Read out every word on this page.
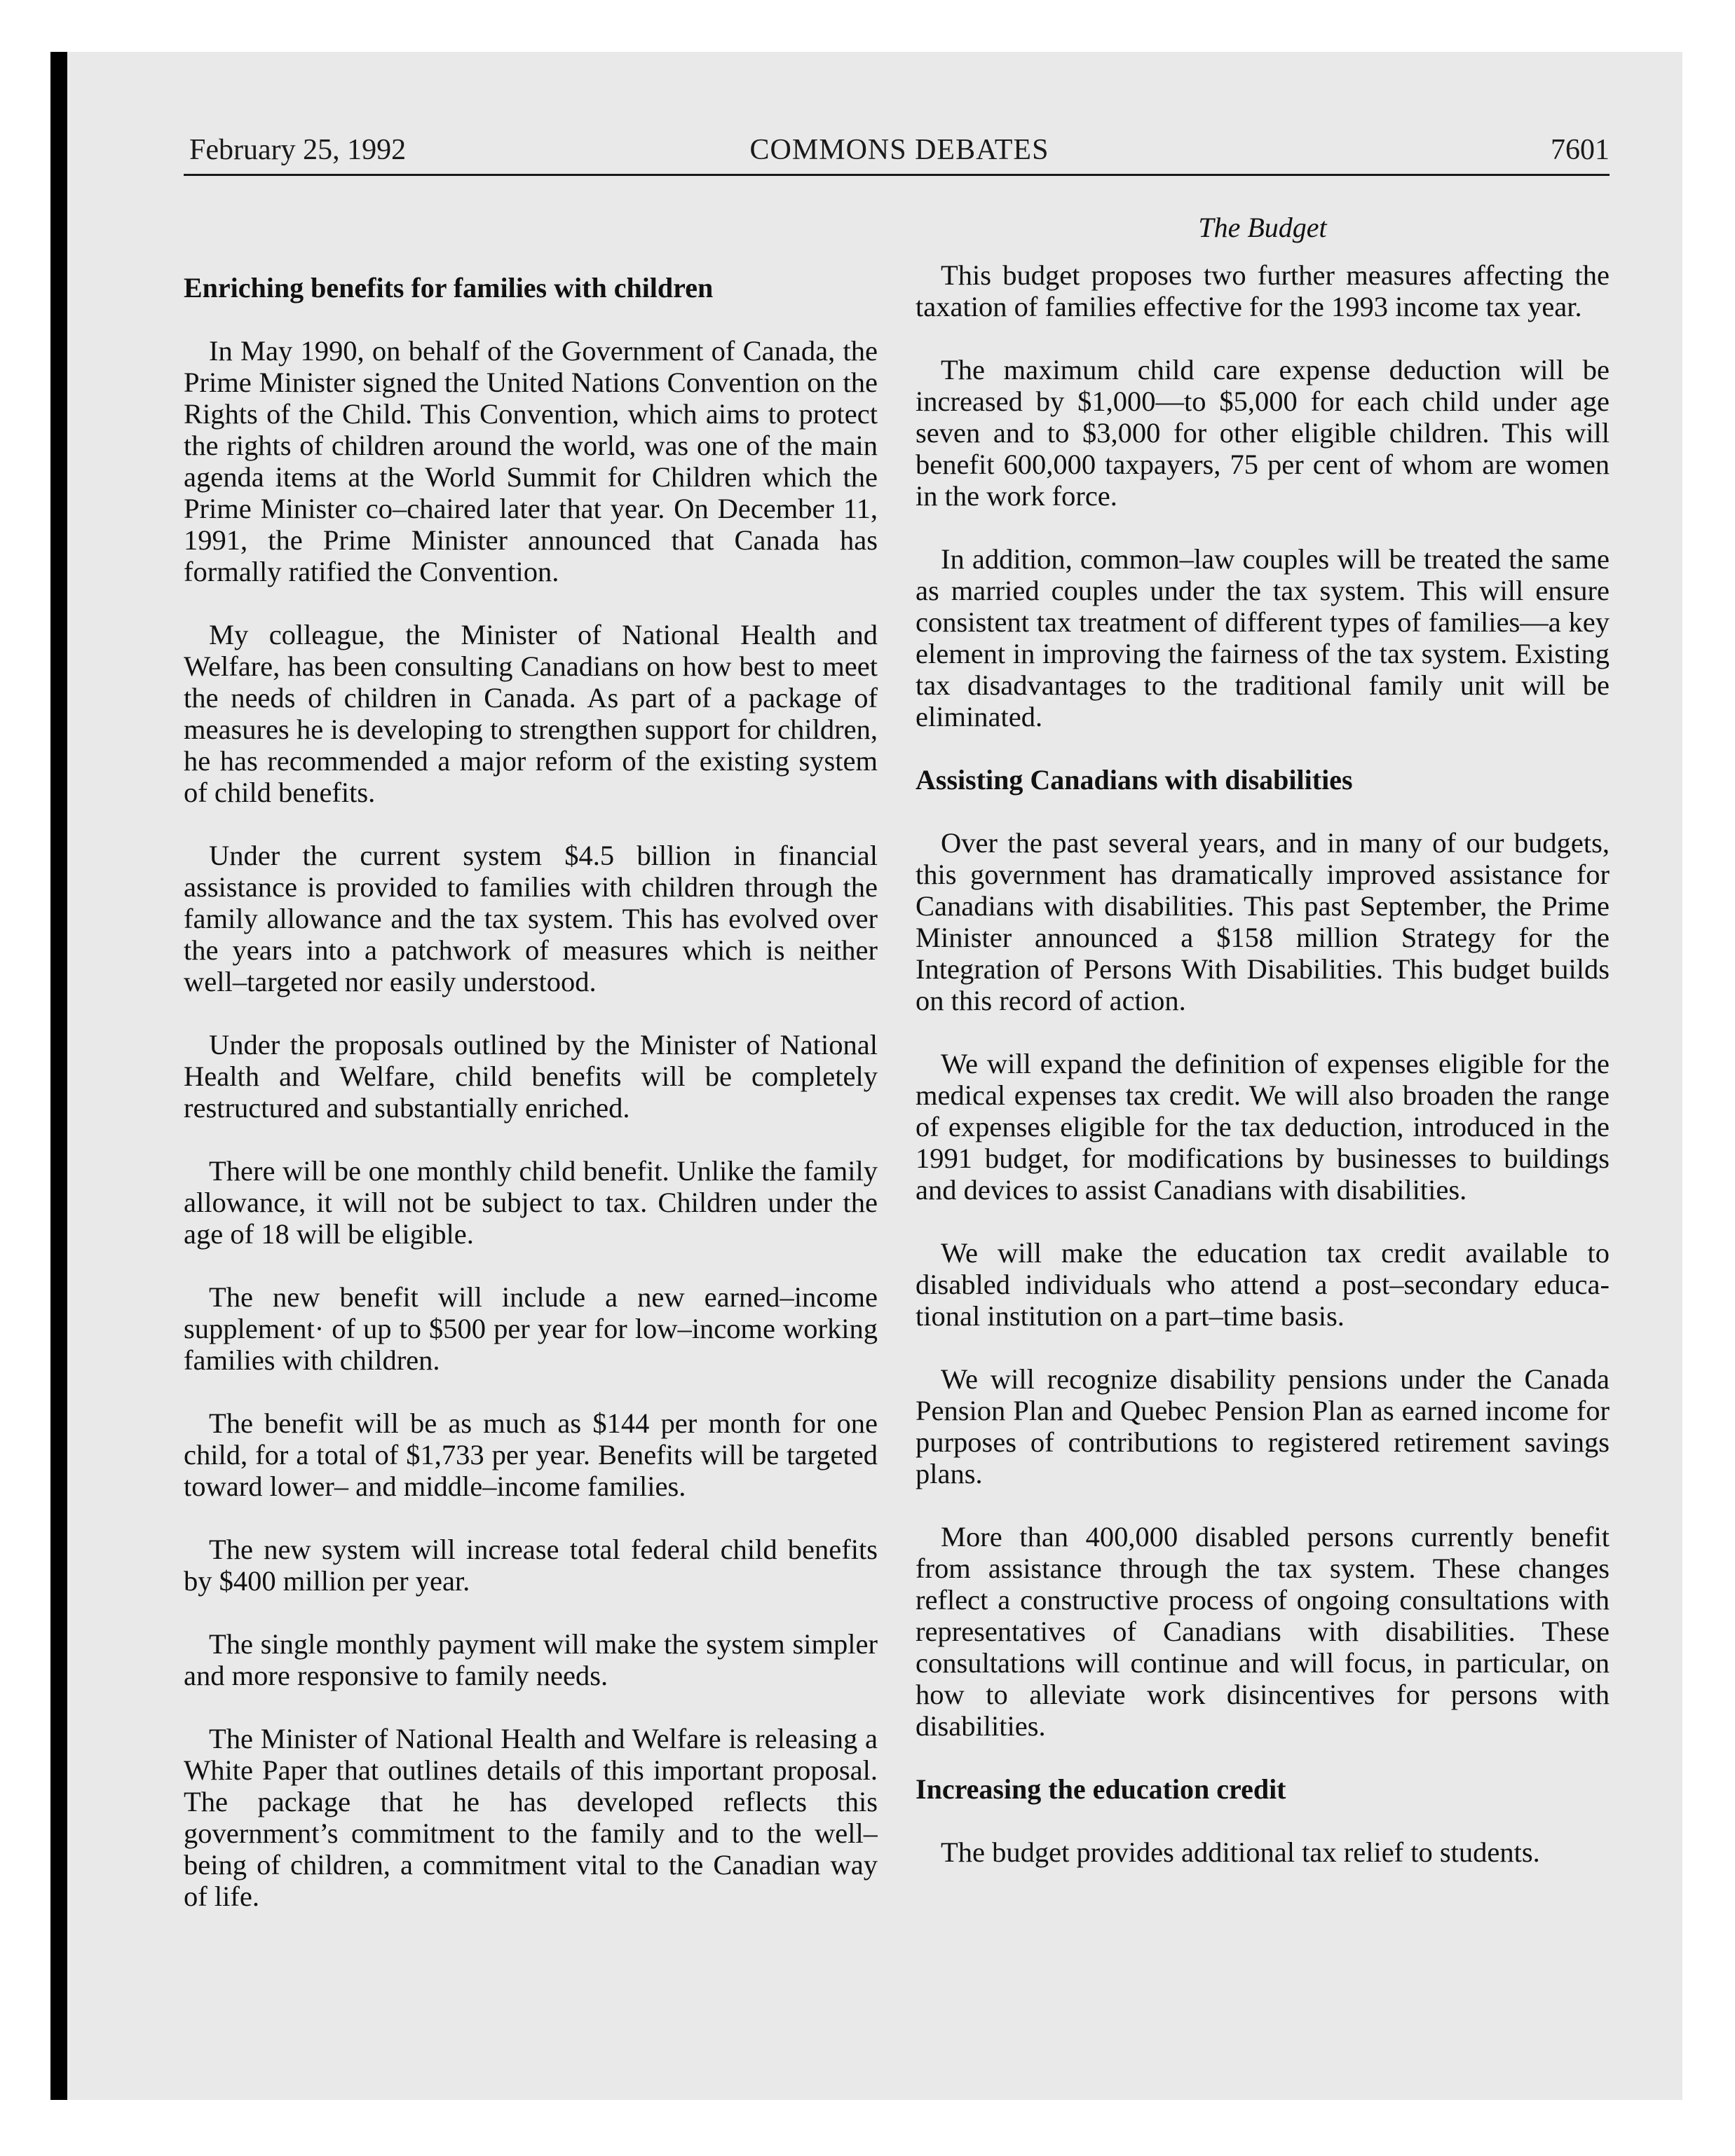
February 25, 1992	COMMONS DEBATES	7601
The Budget
Enriching benefits for families with children

In May 1990, on behalf of the Government of Canada, the Prime Minister signed the United Nations Convention on the Rights of the Child. This Convention, which aims to protect the rights of children around the world, was one of the main agenda items at the World Summit for Children which the Prime Minister co–chaired later that year. On December 11, 1991, the Prime Minister announced that Canada has formally ratified the Convention.

My colleague, the Minister of National Health and Welfare, has been consulting Canadians on how best to meet the needs of children in Canada. As part of a package of measures he is developing to strengthen support for children, he has recommended a major reform of the existing system of child benefits.

Under the current system $4.5 billion in financial assistance is provided to families with children through the family allowance and the tax system. This has evolved over the years into a patchwork of measures which is neither well–targeted nor easily understood.

Under the proposals outlined by the Minister of National Health and Welfare, child benefits will be completely restructured and substantially enriched.

There will be one monthly child benefit. Unlike the family allowance, it will not be subject to tax. Children under the age of 18 will be eligible.

The new benefit will include a new earned–income supplement· of up to $500 per year for low–income working families with children.

The benefit will be as much as $144 per month for one child, for a total of $1,733 per year. Benefits will be targeted toward lower– and middle–income families.

The new system will increase total federal child benefits by $400 million per year.

The single monthly payment will make the system simpler and more responsive to family needs.

The Minister of National Health and Welfare is releasing a White Paper that outlines details of this important proposal. The package that he has developed reflects this government’s commitment to the family and to the well–being of children, a commitment vital to the Canadian way of life.

This budget proposes two further measures affecting the taxation of families effective for the 1993 income tax year.

The maximum child care expense deduction will be increased by $1,000—to $5,000 for each child under age seven and to $3,000 for other eligible children. This will benefit 600,000 taxpayers, 75 per cent of whom are women in the work force.

In addition, common–law couples will be treated the same as married couples under the tax system. This will ensure consistent tax treatment of different types of families—a key element in improving the fairness of the tax system. Existing tax disadvantages to the traditional family unit will be eliminated.

Assisting Canadians with disabilities

Over the past several years, and in many of our budgets, this government has dramatically improved assistance for Canadians with disabilities. This past September, the Prime Minister announced a $158 million Strategy for the Integration of Persons With Disabilities. This budget builds on this record of action.

We will expand the definition of expenses eligible for the medical expenses tax credit. We will also broaden the range of expenses eligible for the tax deduction, introduced in the 1991 budget, for modifications by businesses to buildings and devices to assist Canadians with disabilities.

We will make the education tax credit available to disabled individuals who attend a post–secondary educational institution on a part–time basis.

We will recognize disability pensions under the Canada Pension Plan and Quebec Pension Plan as earned income for purposes of contributions to registered retirement savings plans.

More than 400,000 disabled persons currently benefit from assistance through the tax system. These changes reflect a constructive process of ongoing consultations with representatives of Canadians with disabilities. These consultations will continue and will focus, in particular, on how to alleviate work disincentives for persons with disabilities.

Increasing the education credit

The budget provides additional tax relief to students.
